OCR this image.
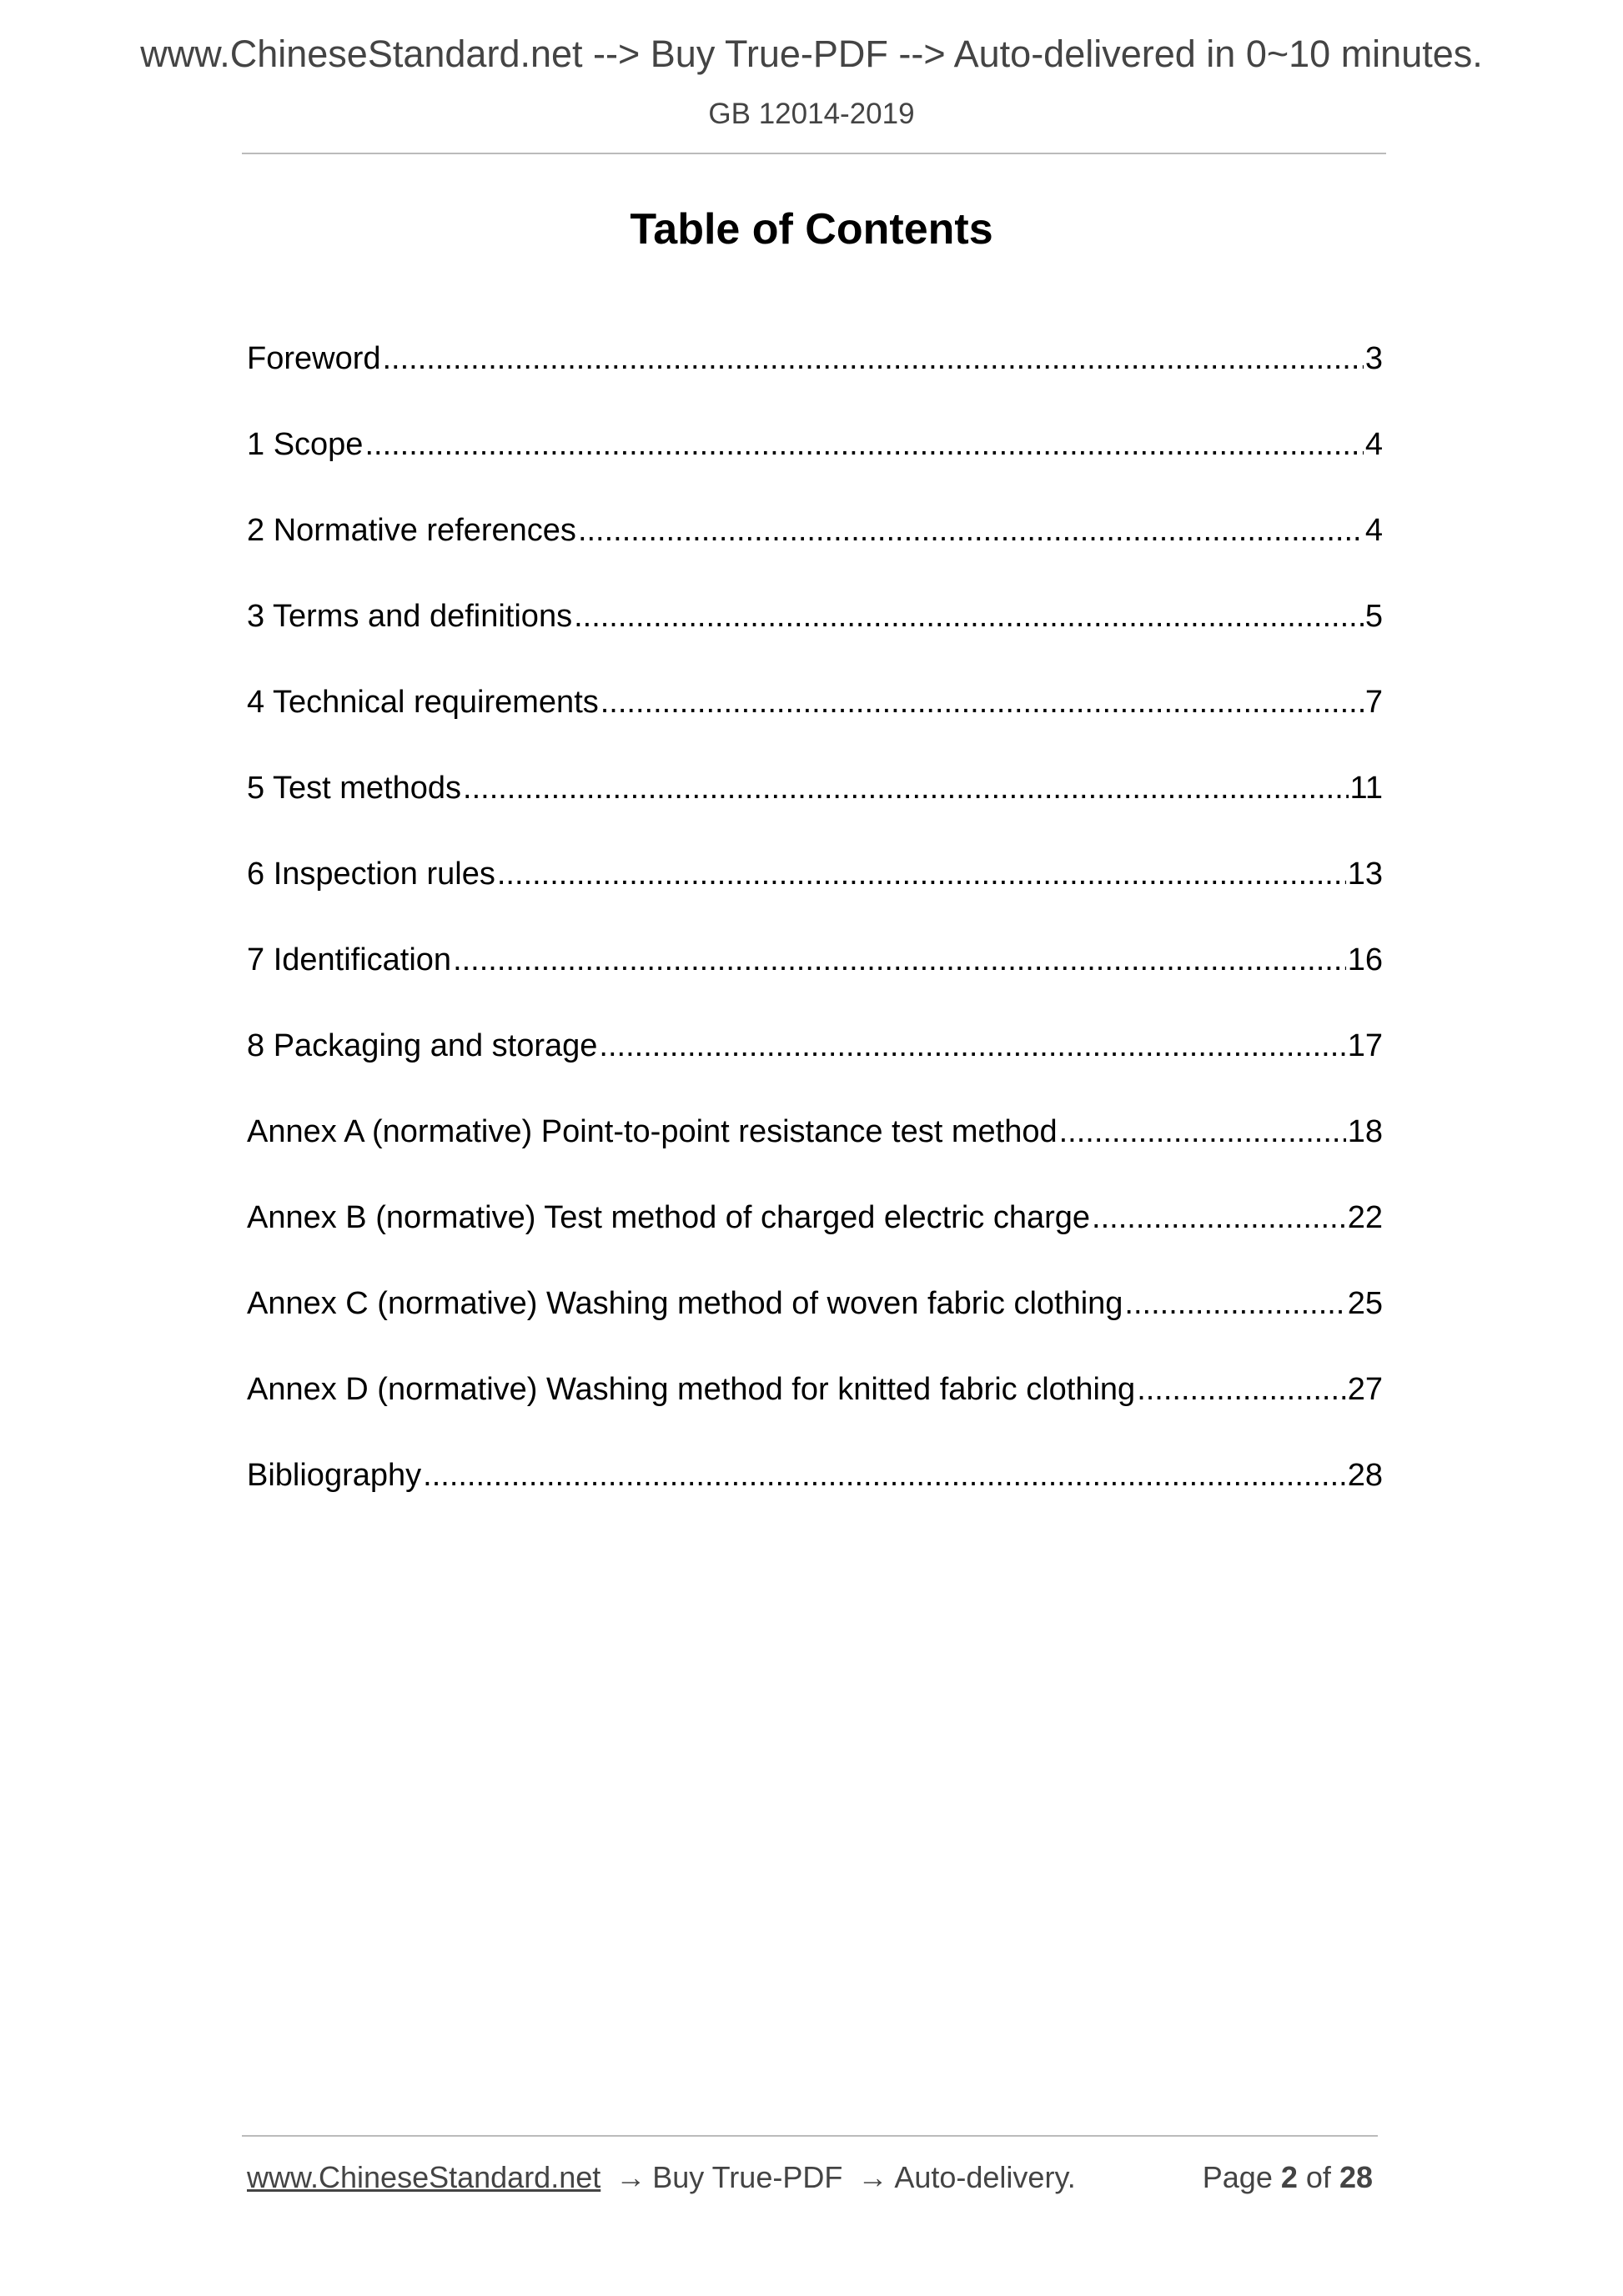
www.ChineseStandard.net --> Buy True-PDF --> Auto-delivered in 0~10 minutes.
GB 12014-2019
Table of Contents
Foreword .....	3
1 Scope .....	4
2 Normative references .....	4
3 Terms and definitions .....	5
4 Technical requirements .....	7
5 Test methods .....	11
6 Inspection rules .....	13
7 Identification .....	16
8 Packaging and storage .....	17
Annex A (normative) Point-to-point resistance test method .....	18
Annex B (normative) Test method of charged electric charge .....	22
Annex C (normative) Washing method of woven fabric clothing .....	25
Annex D (normative) Washing method for knitted fabric clothing .....	27
Bibliography .....	28
www.ChineseStandard.net → Buy True-PDF → Auto-delivery.	Page 2 of 28
